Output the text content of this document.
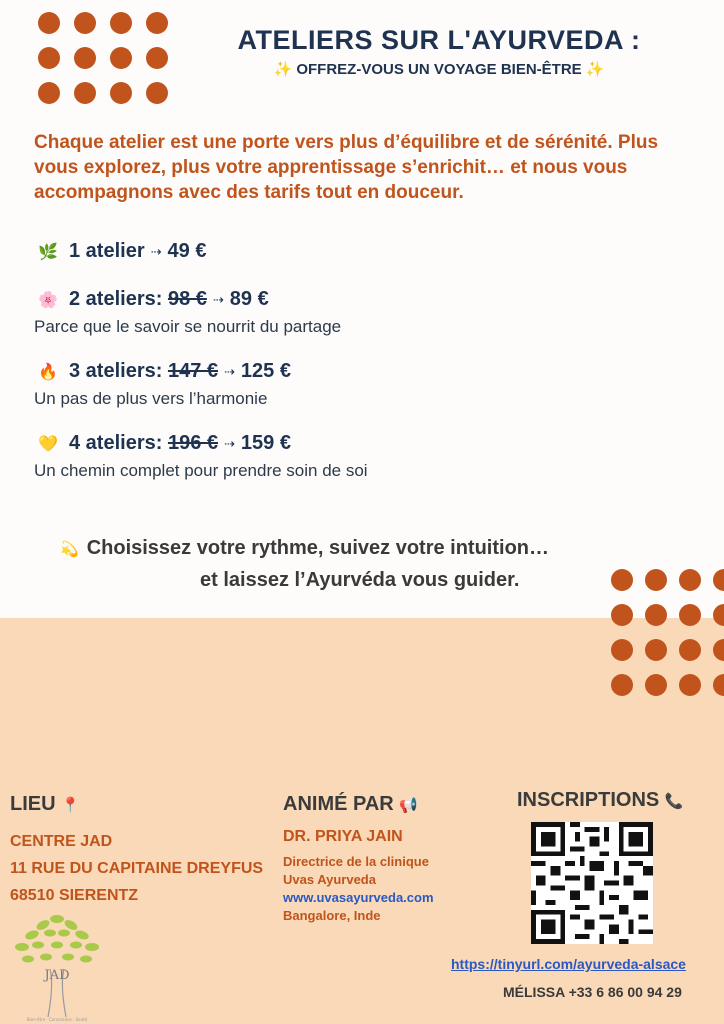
ATELIERS SUR L'AYURVEDA :
✨ OFFREZ-VOUS UN VOYAGE BIEN-ÊTRE ✨
Chaque atelier est une porte vers plus d’équilibre et de sérénité. Plus vous explorez, plus votre apprentissage s’enrichit… et nous vous accompagnons avec des tarifs tout en douceur.
🌿 1 atelier ⇢ 49 €
🌸 2 ateliers:
98 € ⇢ 89 €
Parce que le savoir se nourrit du partage
🔥 3 ateliers:
147 € ⇢ 125 €
Un pas de plus vers l’harmonie
💛 4 ateliers:
196 € ⇢ 159 €
Un chemin complet pour prendre soin de soi
💫 Choisissez votre rythme, suivez votre intuition…
et laissez l’Ayurvéda vous guider.
LIEU 📍
CENTRE JAD
11 RUE DU CAPITAINE DREYFUS
68510 SIERENTZ
ANIMÉ PAR 📢
DR. PRIYA JAIN
Directrice de la clinique
Uvas Ayurveda
www.uvasayurveda.com
Bangalore, Inde
INSCRIPTIONS 📞
https://tinyurl.com/ayurveda-alsace
MÉLISSA +33 6 86 00 94 29
JAD
Bien-être · Conscience · Santé
